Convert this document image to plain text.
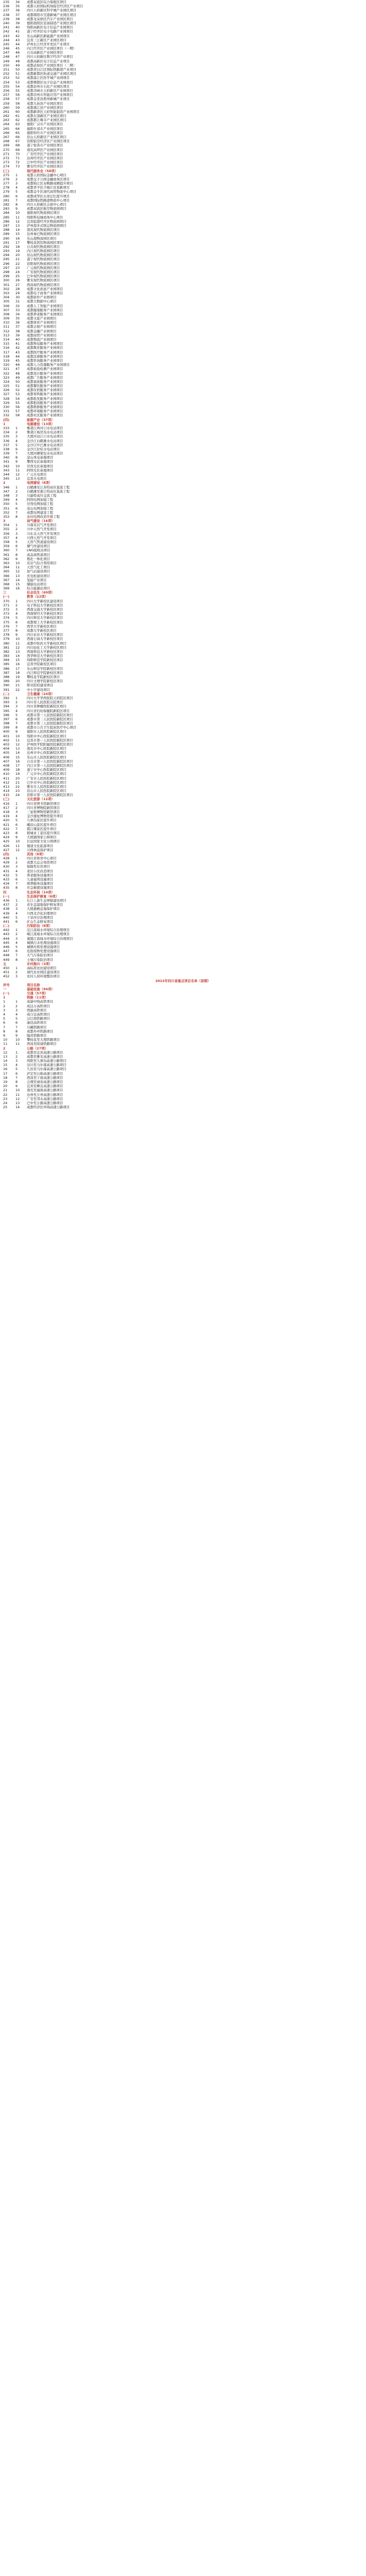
235	34	成都双流区综合保税区项目
236	35	成都天府国际机场临空经济区产业项目
237	36	四川天府新区科学城产业园区项目
238	37	成都简阳市空港新城产业园区项目
239	38	成都龙泉驿区汽车产业园区项目
240	39	德阳旌阳区装备制造产业园区项目
241	40	绵阳高新区电子信息产业园项目
242	41	遂宁经开区电子电路产业园项目
243	42	乐山高新区新能源产业园项目
244	43	宜宾三江新区产业园区项目
245	44	泸州长江经济开发区产业项目
246	45	内江经开区产业园区项目（一期）
247	46	自贡高新区产业园区项目
248	47	四川天府新区数字经济产业项目
249	48	成都高新区电子信息产业项目
250	49	成都武侯区产业园区项目（二期）
251	50	成都青白江区国际铁路港产业项目
252	51	成都新都区轨道交通产业园区项目
253	52	成都温江区医学城产业园项目
254	53	成都郫都区电子信息产业园项目
255	54	成都彭州市石化产业园区项目
256	55	成都邛崃市天府新区产业园项目
257	56	成都崇州市智能应用产业园项目
258	57	成都金堂县淮州新城产业项目
259	58	成都大邑县产业园区项目
260	59	成都蒲江县产业园区项目
261	60	成都新津区天府智能制造产业园项目
262	61	成都东部新区产业园区项目
263	62	成都都江堰市产业园区项目
264	63	德阳广汉市产业园区项目
265	64	德阳什邡市产业园区项目
266	65	德阳绵竹市产业园区项目
267	66	眉山天府新区产业园区项目
268	67	资阳临空经济区产业园区项目
269	68	遂宁射洪市产业园区项目
270	69	南充高坪区产业园区项目
271	70	广安经开区产业园区项目
272	71	达州经开区产业园区项目
273	72	巴中经开区产业园区项目
274	73	雅安经开区产业园区项目
(三)	现代服务业（58项）
275	1	成都天府国际金融中心项目
276	2	成都交子公园金融商务区项目
277	3	成都锦江区春熙路商圈提升项目
278	4	成都青羊区少城片区更新项目
279	5	成都金牛区现代商贸物流中心项目
280	6	成都成华区东郊记忆提升项目
281	7	成都国际铁路港物流中心项目
282	8	四川天府新区会展中心项目
283	9	成都双流区航空物流园项目
284	10	德阳现代物流园区项目
285	11	绵阳科技城商务中心项目
286	12	宜宾临港经开区物流园项目
287	13	泸州港多式联运物流园项目
288	14	南充现代物流园区项目
289	15	达州秦巴物流园区项目
290	16	乐山港物流园区项目
291	17	攀枝花钒钛物流园区项目
292	18	自贡现代物流园区项目
293	19	内江现代物流园区项目
294	20	眉山现代物流园区项目
295	21	遂宁现代物流园区项目
296	22	资阳现代物流园区项目
297	23	广元现代物流园区项目
298	24	广安现代物流园区项目
299	25	巴中现代物流园区项目
300	26	雅安现代物流园区项目
301	27	西昌现代物流园区项目
302	28	成都文化创意产业园项目
303	29	成都电子商务产业园项目
304	30	成都软件产业园项目
305	31	成都大数据中心项目
306	32	成都人工智能产业园项目
307	33	成都健康服务产业园项目
308	34	成都养老服务产业园项目
309	35	成都文旅产业园项目
310	36	成都体育产业园项目
311	37	成都会展产业园项目
312	38	成都金融产业园项目
313	39	成都商贸产业园项目
314	40	成都物流产业园项目
315	41	成都科技服务产业园项目
316	42	成都教育服务产业园项目
317	43	成都医疗服务产业园项目
318	44	成都法律服务产业园项目
319	45	成都咨询服务产业园项目
320	46	成都人力资源服务产业园项目
321	47	成都检验检测产业园项目
322	48	成都设计服务产业园项目
323	49	成都广告服务产业园项目
324	50	成都家政服务产业园项目
325	51	成都餐饮服务产业园项目
326	52	成都住宿服务产业园项目
327	53	成都零售服务产业园项目
328	54	成都批发服务产业园项目
329	55	成都租赁服务产业园项目
330	56	成都维修服务产业园项目
331	57	成都环境服务产业园项目
332	58	成都社区服务产业园项目
(四)	能源产业（37项）
1	电源建设（13项）
333	1	雅砻江两河口水电站项目
334	2	雅砻江杨房沟水电站项目
335	3	大渡河双江口水电站项目
336	4	金沙江白鹤滩水电站项目
337	5	金沙江叶巴滩水电站项目
338	6	金沙江拉哇水电站项目
339	7	大渡河硬梁包水电站项目
340	8	凉山风电基地项目
341	9	攀西光伏基地项目
342	10	甘孜光伏基地项目
343	11	阿坝光伏基地项目
344	12	广元火电项目
345	13	宜宾火电项目
2	电网建设（8项）
346	1	白鹤滩至江苏特高压直流工程
347	2	白鹤滩至浙江特高压直流工程
348	3	川渝特高压交流工程
349	4	阿坝电网加强工程
350	5	甘孜电网加强工程
351	6	凉山电网加强工程
352	7	成都电网建设工程
353	8	农村电网改造升级工程
3	油气建设（16项）
354	1	川南页岩气开发项目
355	2	川中天然气开发项目
356	3	川东北天然气开发项目
357	4	川西天然气开发项目
358	5	天然气管道建设项目
359	6	储气库建设项目
360	7	LNG接收站项目
361	8	成品油管道项目
362	9	炼化一体化项目
363	10	页岩气综合利用项目
364	11	天然气化工项目
365	12	加气站建设项目
366	13	充电桩建设项目
367	14	氢能产业项目
368	15	储能电站项目
369	16	综合能源站项目
三	社会民生（69项）
(一)	教育（22项）
370	1	四川大学新校区建设项目
371	2	电子科技大学新校区项目
372	3	西南交通大学新校区项目
373	4	西南财经大学新校区项目
374	5	四川师范大学新校区项目
375	6	成都理工大学新校区项目
376	7	西华大学新校区项目
377	8	成都大学新校区项目
378	9	四川农业大学新校区项目
379	10	西南石油大学新校区项目
380	11	成都中医药大学新校区项目
381	12	四川轻化工大学新校区项目
382	13	西南科技大学新校区项目
383	14	西华师范大学新校区项目
384	15	绵阳师范学院新校区项目
385	16	宜宾学院新校区项目
386	17	乐山师范学院新校区项目
387	18	内江师范学院新校区项目
388	19	攀枝花学院新校区项目
389	20	四川文理学院新校区项目
390	21	职业院校建设项目
391	22	中小学建设项目
(二)	卫生健康（24项）
392	1	四川大学华西医院天府院区项目
393	2	四川省人民医院东院项目
394	3	四川省肿瘤医院新院区项目
395	4	四川省妇幼保健院新院区项目
396	5	成都市第一人民医院新院区项目
397	6	成都市第二人民医院新院区项目
398	7	成都市第三人民医院新院区项目
399	8	成都市公共卫生临床医疗中心项目
400	9	德阳市人民医院新院区项目
401	10	绵阳市中心医院新院区项目
402	11	宜宾市第一人民医院新院区项目
403	12	泸州医学院附属医院新院区项目
404	13	南充市中心医院新院区项目
405	14	达州市中心医院新院区项目
406	15	乐山市人民医院新院区项目
407	16	自贡市第一人民医院新院区项目
408	17	内江市第一人民医院新院区项目
409	18	遂宁市中心医院新院区项目
410	19	广元市中心医院新院区项目
411	20	广安市人民医院新院区项目
412	21	巴中市中心医院新院区项目
413	22	雅安市人民医院新院区项目
414	23	眉山市人民医院新院区项目
415	24	资阳市第一人民医院新院区项目
(三)	文化旅游（12项）
416	1	四川省图书馆新馆项目
417	2	四川省博物院新馆项目
418	3	三星堆博物馆新馆项目
419	4	金沙遗址博物馆提升项目
420	5	九寨沟景区提升项目
421	6	峨眉山景区提升项目
422	7	都江堰景区提升项目
423	8	稻城亚丁景区提升项目
424	9	大熊猫国家公园项目
425	10	长征国家文化公园项目
426	11	蜀道文化旅游项目
427	12	川西林盘保护项目
(四)	其他（8项）
428	1	四川省体育中心项目
429	2	成都大运会场馆项目
430	3	保障性住房项目
431	4	老旧小区改造项目
432	5	养老服务设施项目
433	6	儿童福利设施项目
434	7	殡葬服务设施项目
435	8	应急救援设施项目
四	生态环保（14项）
(一)	生态保护修复（6项）
436	1	长江上游生态屏障建设项目
437	2	若尔盖湿地保护修复项目
438	3	大熊猫栖息地保护项目
439	4	川西北沙化治理项目
440	5	干旱河谷治理项目
441	6	矿山生态修复项目
(二)	污染防治（8项）
442	1	沱江流域水环境综合治理项目
443	2	岷江流域水环境综合治理项目
444	3	嘉陵江流域水环境综合治理项目
445	4	城镇污水处理设施项目
446	5	城镇垃圾处理设施项目
447	6	危险废物处置设施项目
448	7	大气污染防治项目
449	8	土壤污染防治项目
五	乡村振兴（3项）
450	1	高标准农田建设项目
451	2	现代农业园区建设项目
452	3	农村人居环境整治项目
2022年四川省重点项目名单（前期）
序号	项目名称
一	基础设施（94项）
(一)	交通（57项）
1	铁路（11项）
1	1	成渝中线高铁项目
2	2	成达万高铁项目
3	3	西渝高铁项目
4	4	成自宜高铁项目
5	5	汉巴南铁路项目
6	6	渝昆高铁项目
7	7	川藏铁路项目
8	8	成都外环铁路项目
9	9	隆黄铁路项目
10	10	攀枝花至大理铁路项目
11	11	西昌至昭通铁路项目
2	公路（27项）
12	1	成都至宜宾高速公路项目
13	2	成都至雅安高速公路项目
14	3	绵阳至九寨沟高速公路项目
15	4	汶川至马尔康高速公路项目
16	5	久治至马尔康高速公路项目
17	6	泸定至石棉高速公路项目
18	7	西昌至宁南高速公路项目
19	8	会理至禄劝高速公路项目
20	9	宜宾至彝良高速公路项目
21	10	南充至潼南高速公路项目
22	11	达州至万州高速公路项目
23	12	广安至邻水高速公路项目
24	13	巴中至万源高速公路项目
25	14	成都经济区环线高速公路项目
